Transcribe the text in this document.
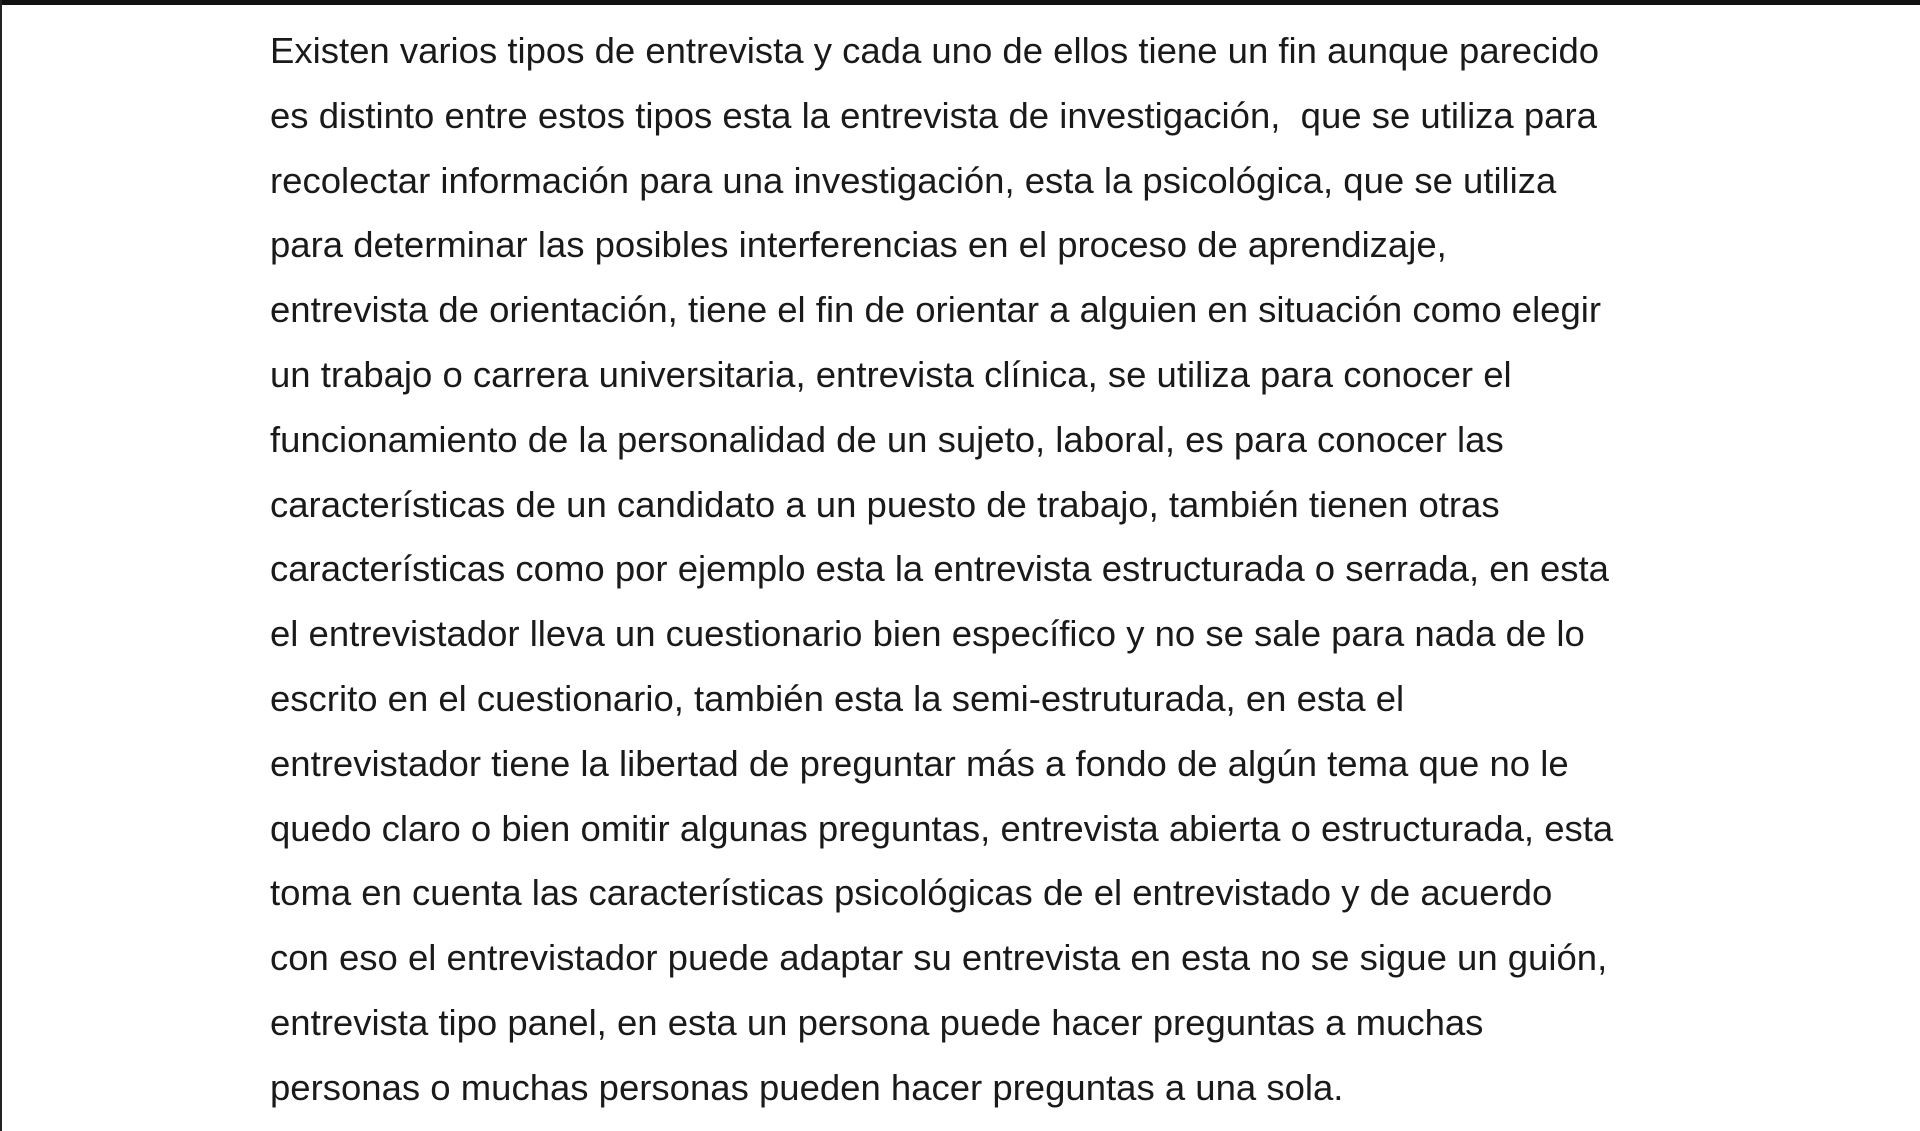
Existen varios tipos de entrevista y cada uno de ellos tiene un fin aunque parecido
es distinto entre estos tipos esta la entrevista de investigación,  que se utiliza para
recolectar información para una investigación, esta la psicológica, que se utiliza
para determinar las posibles interferencias en el proceso de aprendizaje,
entrevista de orientación, tiene el fin de orientar a alguien en situación como elegir
un trabajo o carrera universitaria, entrevista clínica, se utiliza para conocer el
funcionamiento de la personalidad de un sujeto, laboral, es para conocer las
características de un candidato a un puesto de trabajo, también tienen otras
características como por ejemplo esta la entrevista estructurada o serrada, en esta
el entrevistador lleva un cuestionario bien específico y no se sale para nada de lo
escrito en el cuestionario, también esta la semi-estruturada, en esta el
entrevistador tiene la libertad de preguntar más a fondo de algún tema que no le
quedo claro o bien omitir algunas preguntas, entrevista abierta o estructurada, esta
toma en cuenta las características psicológicas de el entrevistado y de acuerdo
con eso el entrevistador puede adaptar su entrevista en esta no se sigue un guión,
entrevista tipo panel, en esta un persona puede hacer preguntas a muchas
personas o muchas personas pueden hacer preguntas a una sola.
